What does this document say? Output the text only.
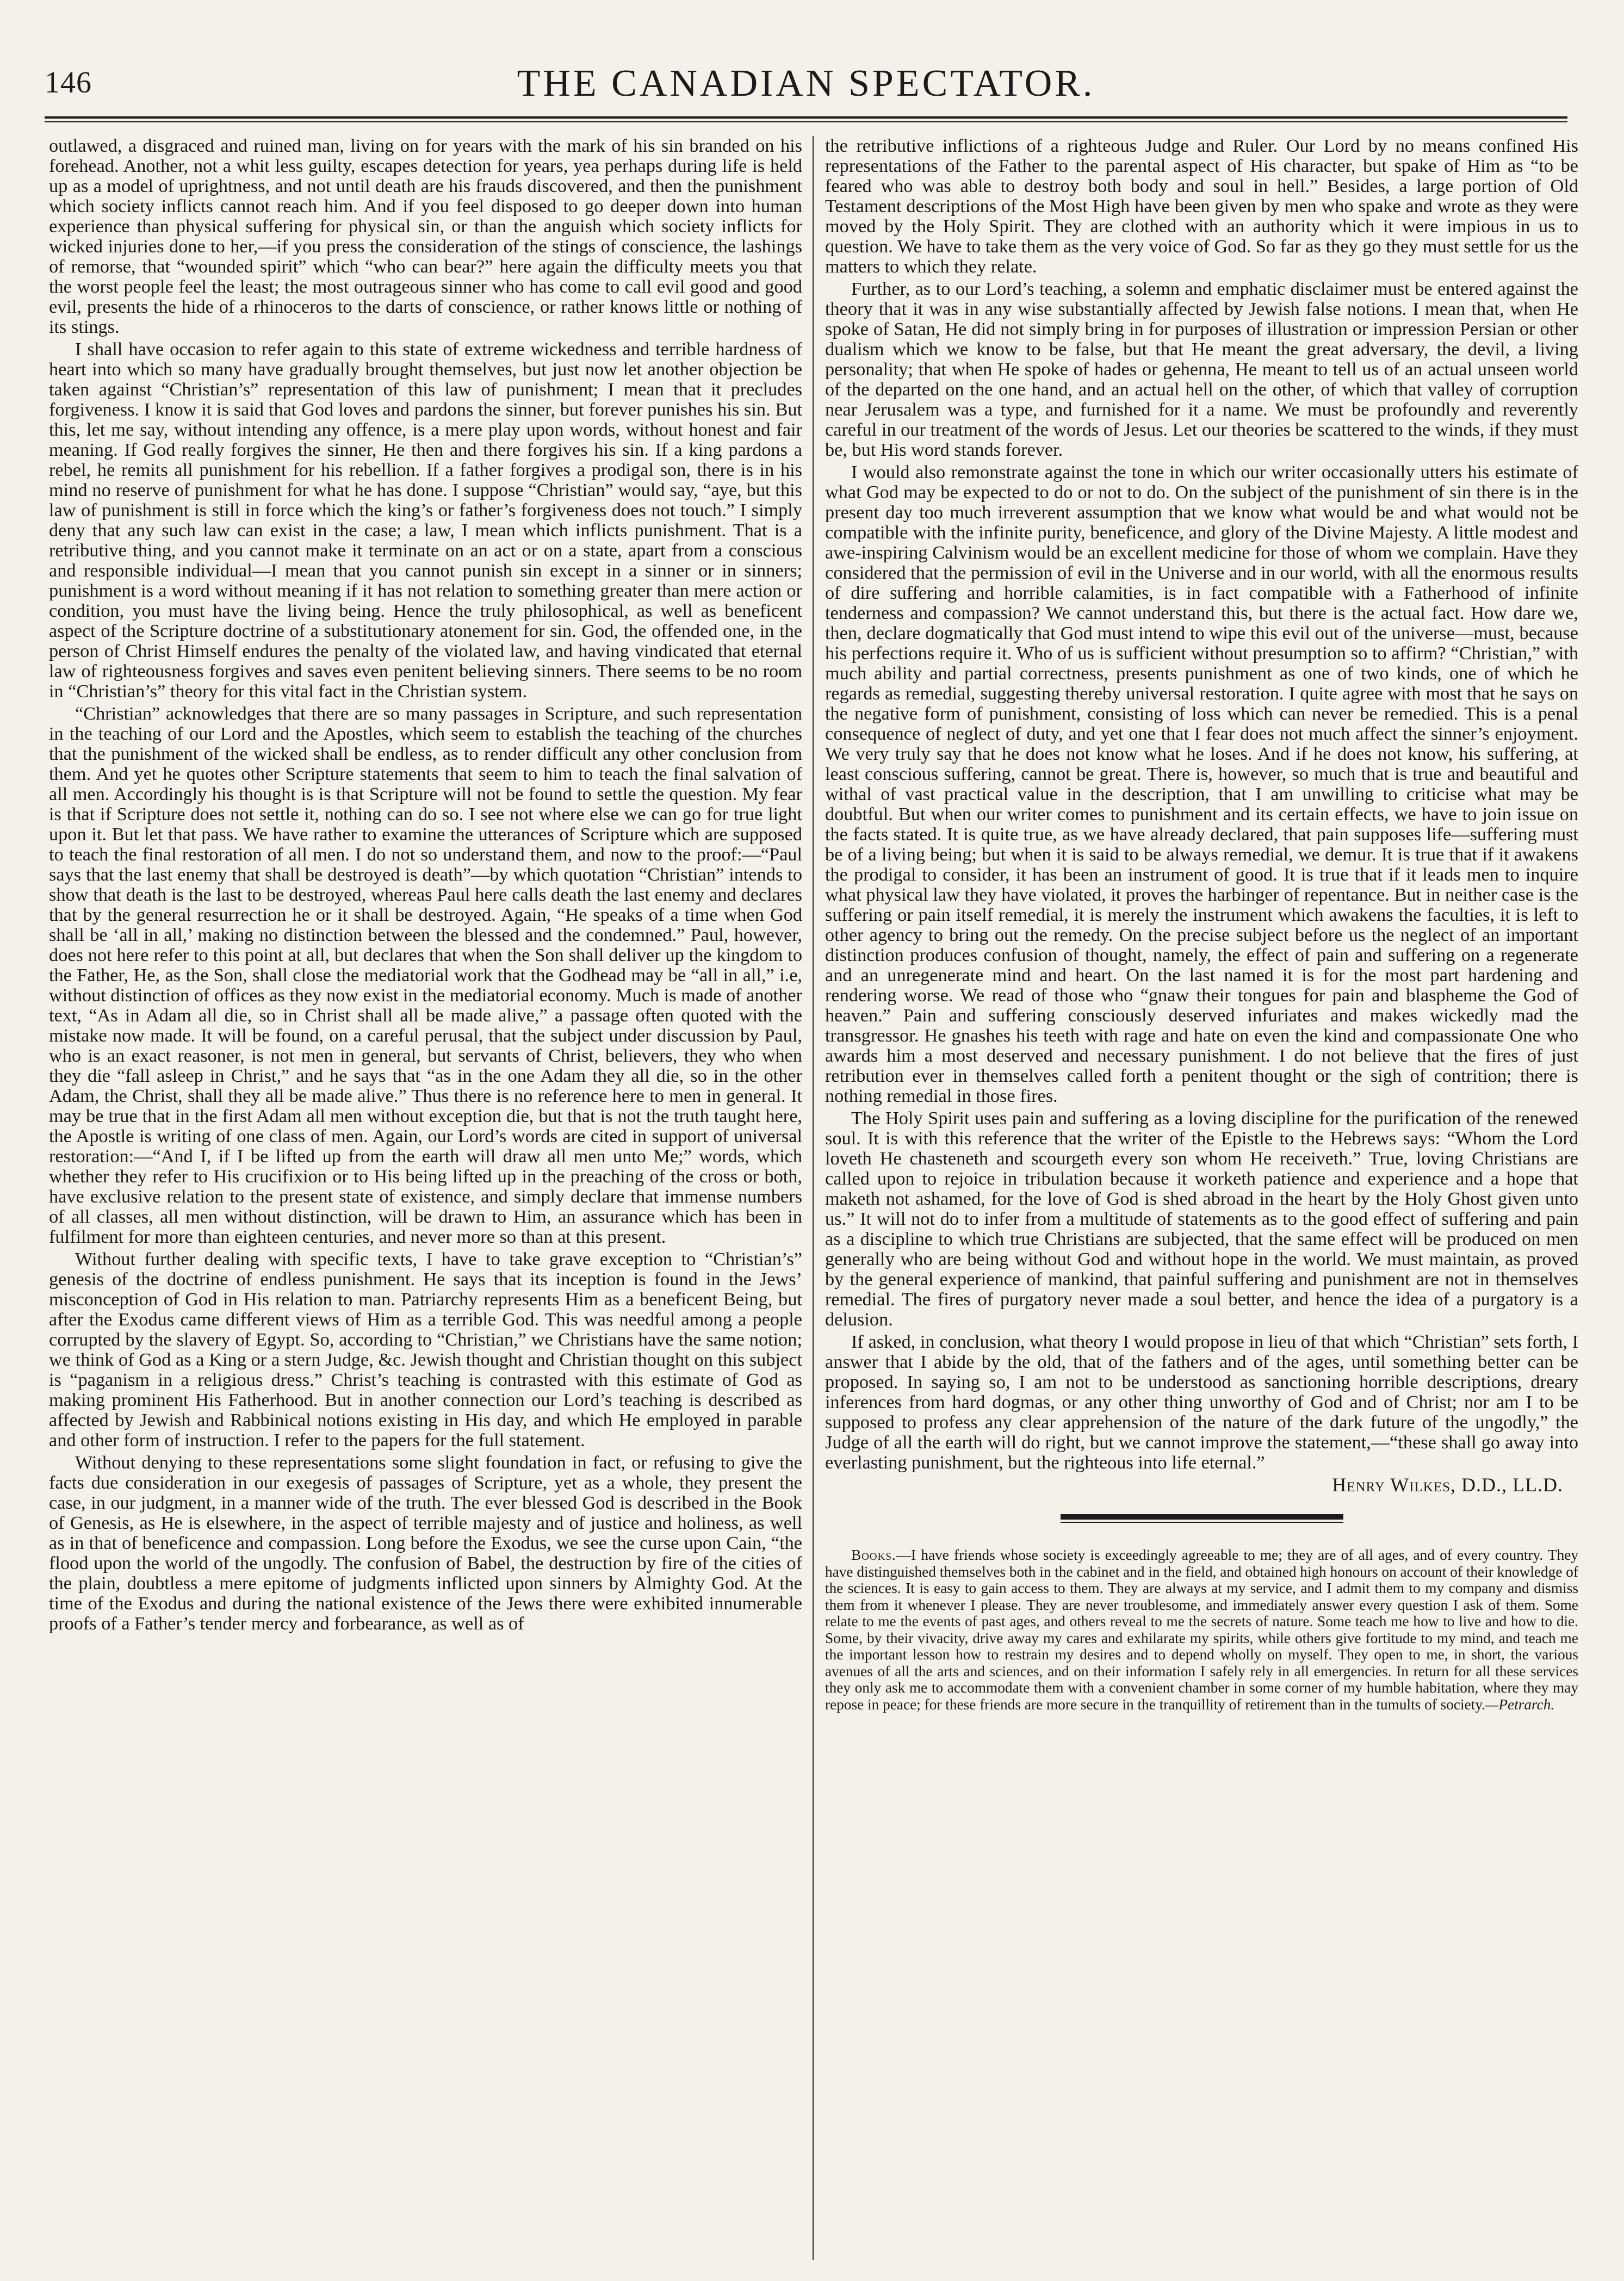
146	THE CANADIAN SPECTATOR.

outlawed, a disgraced and ruined man, living on for years with the mark of his sin branded on his forehead. Another, not a whit less guilty, escapes detection for years, yea perhaps during life is held up as a model of uprightness, and not until death are his frauds discovered, and then the punishment which society inflicts cannot reach him. And if you feel disposed to go deeper down into human experience than physical suffering for physical sin, or than the anguish which society inflicts for wicked injuries done to her,—if you press the consideration of the stings of conscience, the lashings of remorse, that “wounded spirit” which “who can bear?” here again the difficulty meets you that the worst people feel the least; the most outrageous sinner who has come to call evil good and good evil, presents the hide of a rhinoceros to the darts of conscience, or rather knows little or nothing of its stings.

I shall have occasion to refer again to this state of extreme wickedness and terrible hardness of heart into which so many have gradually brought themselves, but just now let another objection be taken against “Christian’s” representation of this law of punishment; I mean that it precludes forgiveness. I know it is said that God loves and pardons the sinner, but forever punishes his sin. But this, let me say, without intending any offence, is a mere play upon words, without honest and fair meaning. If God really forgives the sinner, He then and there forgives his sin. If a king pardons a rebel, he remits all punishment for his rebellion. If a father forgives a prodigal son, there is in his mind no reserve of punishment for what he has done. I suppose “Christian” would say, “aye, but this law of punishment is still in force which the king’s or father’s forgiveness does not touch.” I simply deny that any such law can exist in the case; a law, I mean which inflicts punishment. That is a retributive thing, and you cannot make it terminate on an act or on a state, apart from a conscious and responsible individual—I mean that you cannot punish sin except in a sinner or in sinners; punishment is a word without meaning if it has not relation to something greater than mere action or condition, you must have the living being. Hence the truly philosophical, as well as beneficent aspect of the Scripture doctrine of a substitutionary atonement for sin. God, the offended one, in the person of Christ Himself endures the penalty of the violated law, and having vindicated that eternal law of righteousness forgives and saves even penitent believing sinners. There seems to be no room in “Christian’s” theory for this vital fact in the Christian system.

“Christian” acknowledges that there are so many passages in Scripture, and such representation in the teaching of our Lord and the Apostles, which seem to establish the teaching of the churches that the punishment of the wicked shall be endless, as to render difficult any other conclusion from them. And yet he quotes other Scripture statements that seem to him to teach the final salvation of all men. Accordingly his thought is is that Scripture will not be found to settle the question. My fear is that if Scripture does not settle it, nothing can do so. I see not where else we can go for true light upon it. But let that pass. We have rather to examine the utterances of Scripture which are supposed to teach the final restoration of all men. I do not so understand them, and now to the proof:—“Paul says that the last enemy that shall be destroyed is death”—by which quotation “Christian” intends to show that death is the last to be destroyed, whereas Paul here calls death the last enemy and declares that by the general resurrection he or it shall be destroyed. Again, “He speaks of a time when God shall be ‘all in all,’ making no distinction between the blessed and the condemned.” Paul, however, does not here refer to this point at all, but declares that when the Son shall deliver up the kingdom to the Father, He, as the Son, shall close the mediatorial work that the Godhead may be “all in all,” i.e, without distinction of offices as they now exist in the mediatorial economy. Much is made of another text, “As in Adam all die, so in Christ shall all be made alive,” a passage often quoted with the mistake now made. It will be found, on a careful perusal, that the subject under discussion by Paul, who is an exact reasoner, is not men in general, but servants of Christ, believers, they who when they die “fall asleep in Christ,” and he says that “as in the one Adam they all die, so in the other Adam, the Christ, shall they all be made alive.” Thus there is no reference here to men in general. It may be true that in the first Adam all men without exception die, but that is not the truth taught here, the Apostle is writing of one class of men. Again, our Lord’s words are cited in support of universal restoration:—“And I, if I be lifted up from the earth will draw all men unto Me;” words, which whether they refer to His crucifixion or to His being lifted up in the preaching of the cross or both, have exclusive relation to the present state of existence, and simply declare that immense numbers of all classes, all men without distinction, will be drawn to Him, an assurance which has been in fulfilment for more than eighteen centuries, and never more so than at this present.

Without further dealing with specific texts, I have to take grave exception to “Christian’s” genesis of the doctrine of endless punishment. He says that its inception is found in the Jews’ misconception of God in His relation to man. Patriarchy represents Him as a beneficent Being, but after the Exodus came different views of Him as a terrible God. This was needful among a people corrupted by the slavery of Egypt. So, according to “Christian,” we Christians have the same notion; we think of God as a King or a stern Judge, &c. Jewish thought and Christian thought on this subject is “paganism in a religious dress.” Christ’s teaching is contrasted with this estimate of God as making prominent His Fatherhood. But in another connection our Lord’s teaching is described as affected by Jewish and Rabbinical notions existing in His day, and which He employed in parable and other form of instruction. I refer to the papers for the full statement.

Without denying to these representations some slight foundation in fact, or refusing to give the facts due consideration in our exegesis of passages of Scripture, yet as a whole, they present the case, in our judgment, in a manner wide of the truth. The ever blessed God is described in the Book of Genesis, as He is elsewhere, in the aspect of terrible majesty and of justice and holiness, as well as in that of beneficence and compassion. Long before the Exodus, we see the curse upon Cain, “the flood upon the world of the ungodly. The confusion of Babel, the destruction by fire of the cities of the plain, doubtless a mere epitome of judgments inflicted upon sinners by Almighty God. At the time of the Exodus and during the national existence of the Jews there were exhibited innumerable proofs of a Father’s tender mercy and forbearance, as well as of

the retributive inflictions of a righteous Judge and Ruler. Our Lord by no means confined His representations of the Father to the parental aspect of His character, but spake of Him as “to be feared who was able to destroy both body and soul in hell.” Besides, a large portion of Old Testament descriptions of the Most High have been given by men who spake and wrote as they were moved by the Holy Spirit. They are clothed with an authority which it were impious in us to question. We have to take them as the very voice of God. So far as they go they must settle for us the matters to which they relate.

Further, as to our Lord’s teaching, a solemn and emphatic disclaimer must be entered against the theory that it was in any wise substantially affected by Jewish false notions. I mean that, when He spoke of Satan, He did not simply bring in for purposes of illustration or impression Persian or other dualism which we know to be false, but that He meant the great adversary, the devil, a living personality; that when He spoke of hades or gehenna, He meant to tell us of an actual unseen world of the departed on the one hand, and an actual hell on the other, of which that valley of corruption near Jerusalem was a type, and furnished for it a name. We must be profoundly and reverently careful in our treatment of the words of Jesus. Let our theories be scattered to the winds, if they must be, but His word stands forever.

I would also remonstrate against the tone in which our writer occasionally utters his estimate of what God may be expected to do or not to do. On the subject of the punishment of sin there is in the present day too much irreverent assumption that we know what would be and what would not be compatible with the infinite purity, beneficence, and glory of the Divine Majesty. A little modest and awe-inspiring Calvinism would be an excellent medicine for those of whom we complain. Have they considered that the permission of evil in the Universe and in our world, with all the enormous results of dire suffering and horrible calamities, is in fact compatible with a Fatherhood of infinite tenderness and compassion? We cannot understand this, but there is the actual fact. How dare we, then, declare dogmatically that God must intend to wipe this evil out of the universe—must, because his perfections require it. Who of us is sufficient without presumption so to affirm? “Christian,” with much ability and partial correctness, presents punishment as one of two kinds, one of which he regards as remedial, suggesting thereby universal restoration. I quite agree with most that he says on the negative form of punishment, consisting of loss which can never be remedied. This is a penal consequence of neglect of duty, and yet one that I fear does not much affect the sinner’s enjoyment. We very truly say that he does not know what he loses. And if he does not know, his suffering, at least conscious suffering, cannot be great. There is, however, so much that is true and beautiful and withal of vast practical value in the description, that I am unwilling to criticise what may be doubtful. But when our writer comes to punishment and its certain effects, we have to join issue on the facts stated. It is quite true, as we have already declared, that pain supposes life—suffering must be of a living being; but when it is said to be always remedial, we demur. It is true that if it awakens the prodigal to consider, it has been an instrument of good. It is true that if it leads men to inquire what physical law they have violated, it proves the harbinger of repentance. But in neither case is the suffering or pain itself remedial, it is merely the instrument which awakens the faculties, it is left to other agency to bring out the remedy. On the precise subject before us the neglect of an important distinction produces confusion of thought, namely, the effect of pain and suffering on a regenerate and an unregenerate mind and heart. On the last named it is for the most part hardening and rendering worse. We read of those who “gnaw their tongues for pain and blaspheme the God of heaven.” Pain and suffering consciously deserved infuriates and makes wickedly mad the transgressor. He gnashes his teeth with rage and hate on even the kind and compassionate One who awards him a most deserved and necessary punishment. I do not believe that the fires of just retribution ever in themselves called forth a penitent thought or the sigh of contrition; there is nothing remedial in those fires.

The Holy Spirit uses pain and suffering as a loving discipline for the purification of the renewed soul. It is with this reference that the writer of the Epistle to the Hebrews says: “Whom the Lord loveth He chasteneth and scourgeth every son whom He receiveth.” True, loving Christians are called upon to rejoice in tribulation because it worketh patience and experience and a hope that maketh not ashamed, for the love of God is shed abroad in the heart by the Holy Ghost given unto us.” It will not do to infer from a multitude of statements as to the good effect of suffering and pain as a discipline to which true Christians are subjected, that the same effect will be produced on men generally who are being without God and without hope in the world. We must maintain, as proved by the general experience of mankind, that painful suffering and punishment are not in themselves remedial. The fires of purgatory never made a soul better, and hence the idea of a purgatory is a delusion.

If asked, in conclusion, what theory I would propose in lieu of that which “Christian” sets forth, I answer that I abide by the old, that of the fathers and of the ages, until something better can be proposed. In saying so, I am not to be understood as sanctioning horrible descriptions, dreary inferences from hard dogmas, or any other thing unworthy of God and of Christ; nor am I to be supposed to profess any clear apprehension of the nature of the dark future of the ungodly,” the Judge of all the earth will do right, but we cannot improve the statement,—“these shall go away into everlasting punishment, but the righteous into life eternal.”

Henry Wilkes, D.D., LL.D.

Books.—I have friends whose society is exceedingly agreeable to me; they are of all ages, and of every country. They have distinguished themselves both in the cabinet and in the field, and obtained high honours on account of their knowledge of the sciences. It is easy to gain access to them. They are always at my service, and I admit them to my company and dismiss them from it whenever I please. They are never troublesome, and immediately answer every question I ask of them. Some relate to me the events of past ages, and others reveal to me the secrets of nature. Some teach me how to live and how to die. Some, by their vivacity, drive away my cares and exhilarate my spirits, while others give fortitude to my mind, and teach me the important lesson how to restrain my desires and to depend wholly on myself. They open to me, in short, the various avenues of all the arts and sciences, and on their information I safely rely in all emergencies. In return for all these services they only ask me to accommodate them with a convenient chamber in some corner of my humble habitation, where they may repose in peace; for these friends are more secure in the tranquillity of retirement than in the tumults of society.—Petrarch.
